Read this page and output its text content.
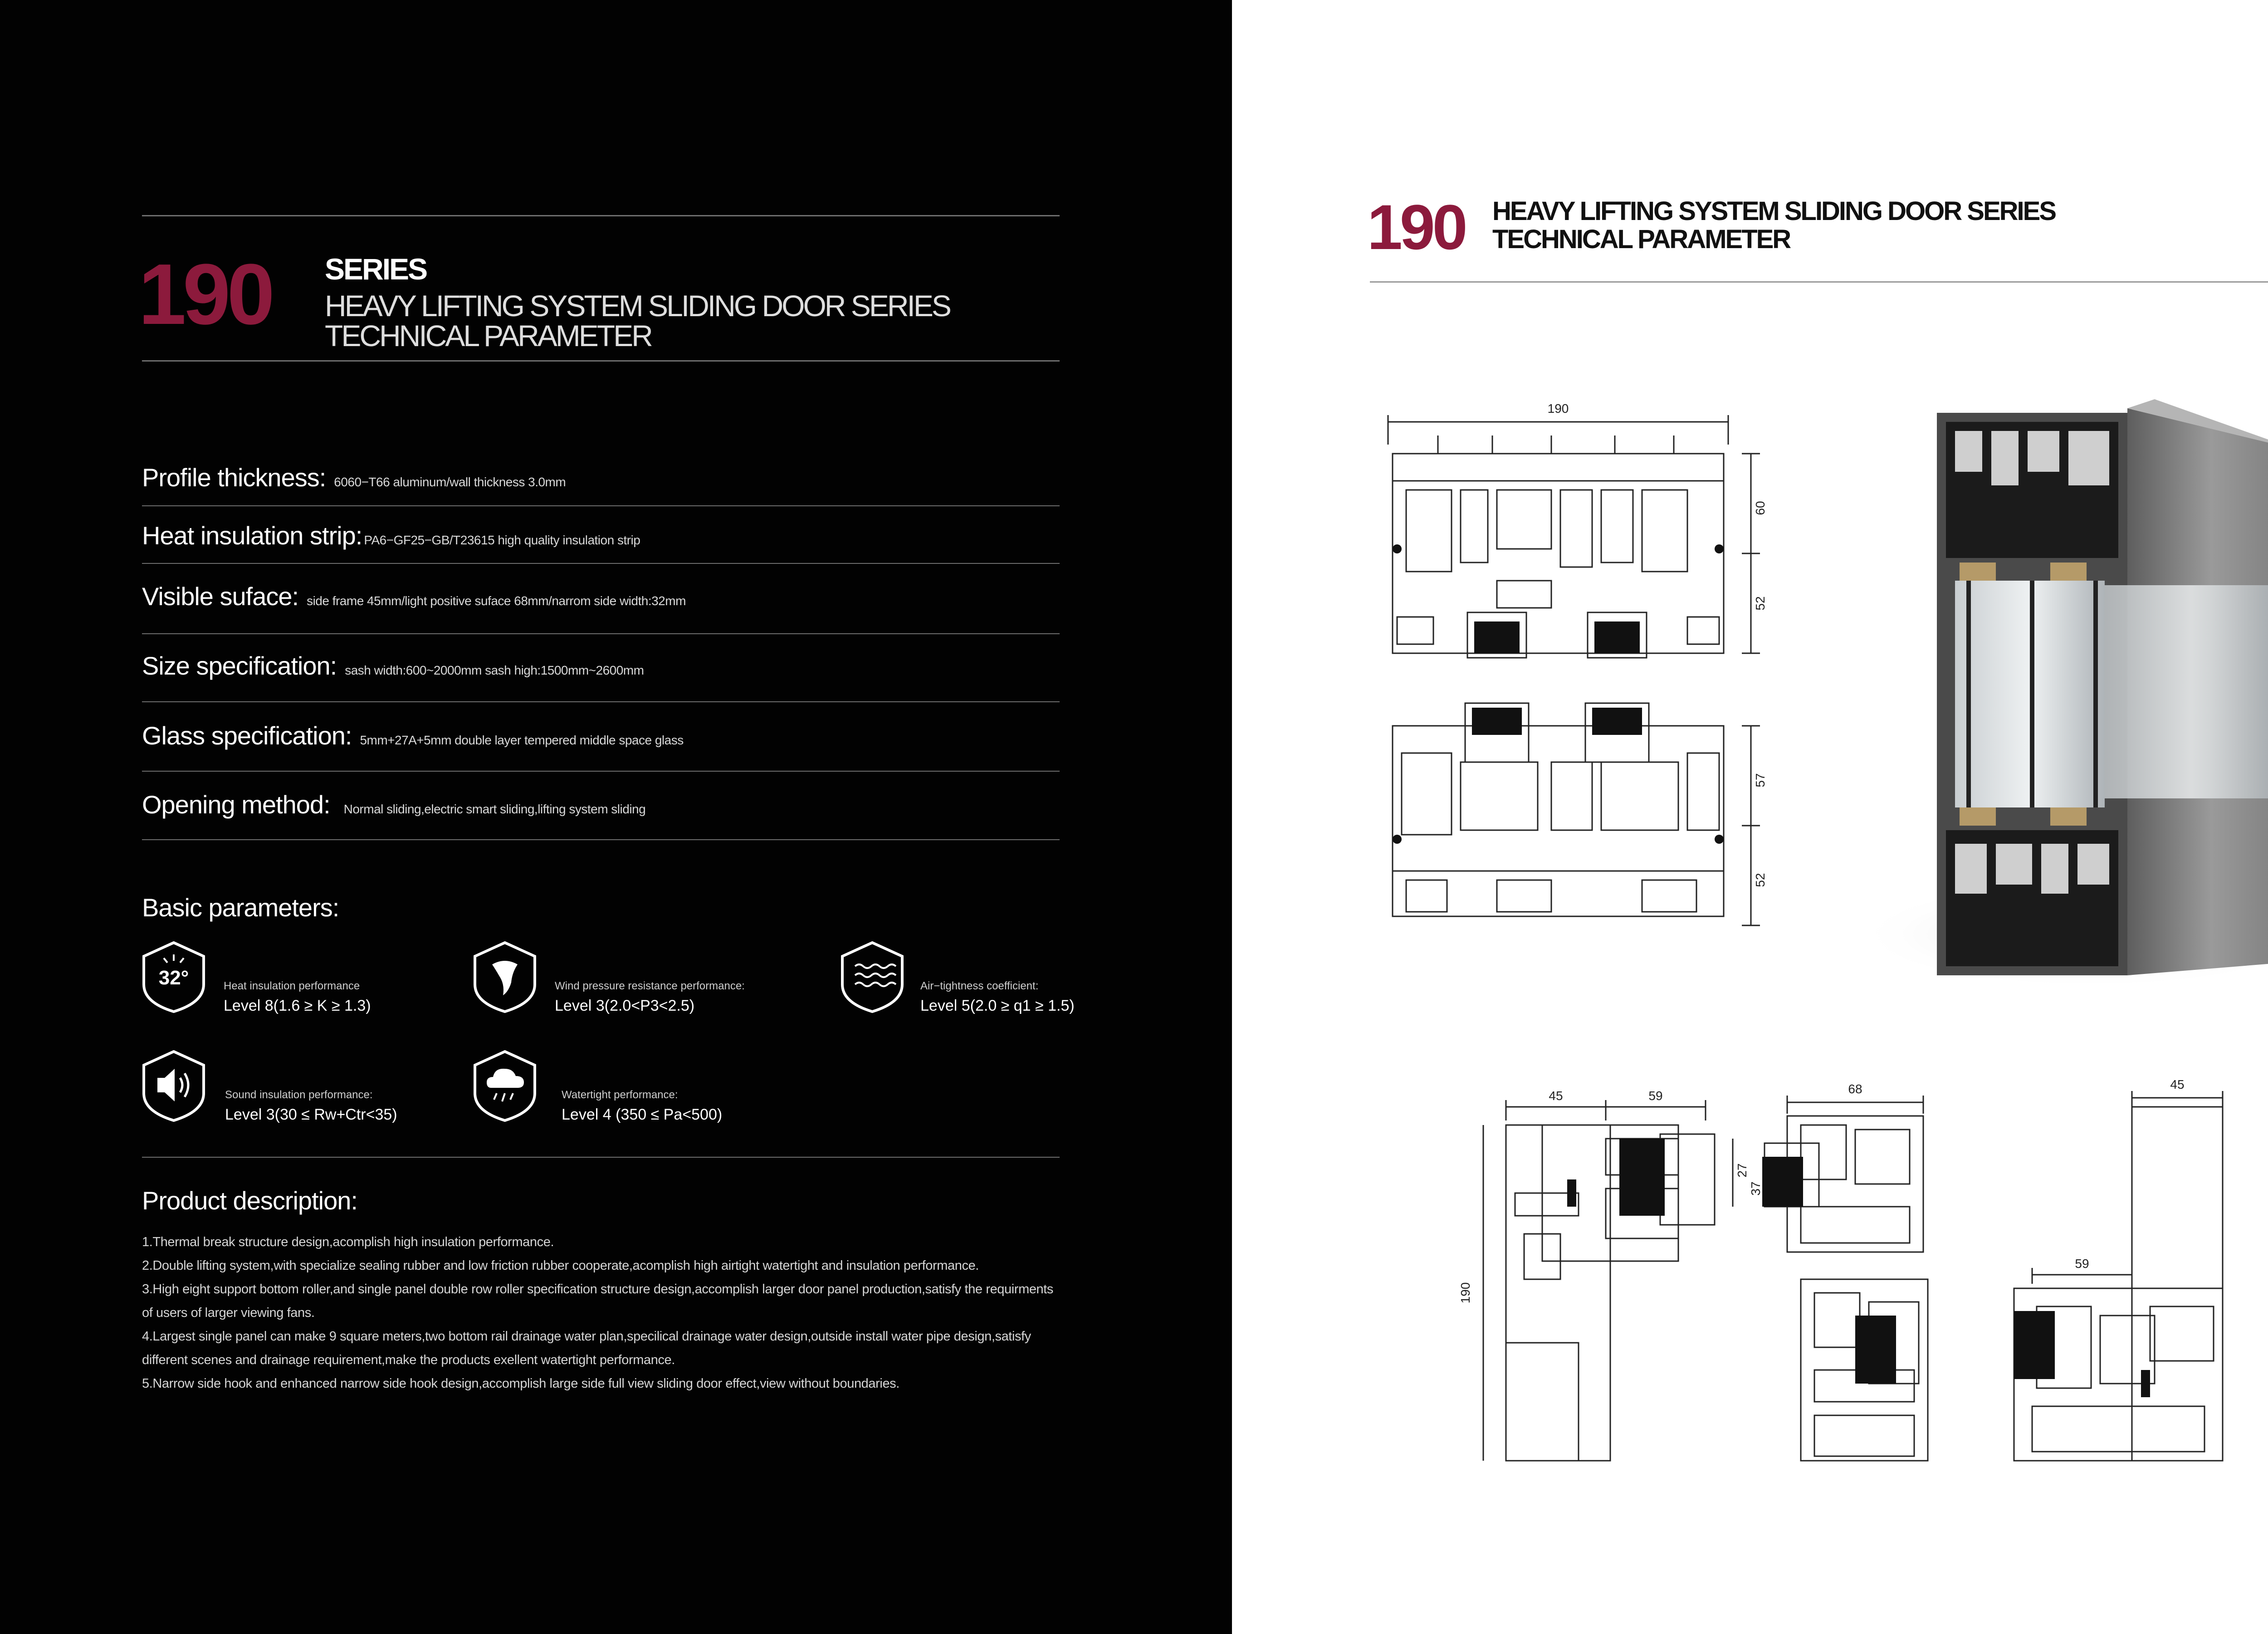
190 SERIES
HEAVY LIFTING SYSTEM SLIDING DOOR SERIES
TECHNICAL PARAMETER
Profile thickness: 6060−T66 aluminum/wall thickness 3.0mm
Heat insulation strip: PA6−GF25−GB/T23615 high quality insulation strip
Visible suface: side frame 45mm/light positive suface 68mm/narrom side width:32mm
Size specification: sash width:600~2000mm sash high:1500mm~2600mm
Glass specification: 5mm+27A+5mm double layer tempered middle space glass
Opening method: Normal sliding,electric smart sliding,lifting system sliding
Basic parameters:
32°	Heat insulation performance
Level 8(1.6 ≥ K ≥ 1.3)
Wind pressure resistance performance:
Level 3(2.0<P3<2.5)
Air−tightness coefficient:
Level 5(2.0 ≥ q1 ≥ 1.5)
Sound insulation performance:
Level 3(30 ≤ Rw+Ctr<35)
Watertight performance:
Level 4 (350 ≤ Pa<500)
Product description:

1.Thermal break structure design,acomplish high insulation performance.

2.Double lifting system,with specialize sealing rubber and low friction rubber cooperate,acomplish high airtight watertight and insulation performance.

3.High eight support bottom roller,and single panel double row roller specification structure design,accomplish larger door panel production,satisfy the requirments of users of larger viewing fans.

4.Largest single panel can make 9 square meters,two bottom rail drainage water plan,specilical drainage water design,outside install water pipe design,satisfy different scenes and drainage requirement,make the products exellent watertight performance.

5.Narrow side hook and enhanced narrow side hook design,accomplish large side full view sliding door effect,view without boundaries.

190 HEAVY LIFTING SYSTEM SLIDING DOOR SERIES
TECHNICAL PARAMETER
190
60
52
57
52
45	59
27
37
190
68	45
59
